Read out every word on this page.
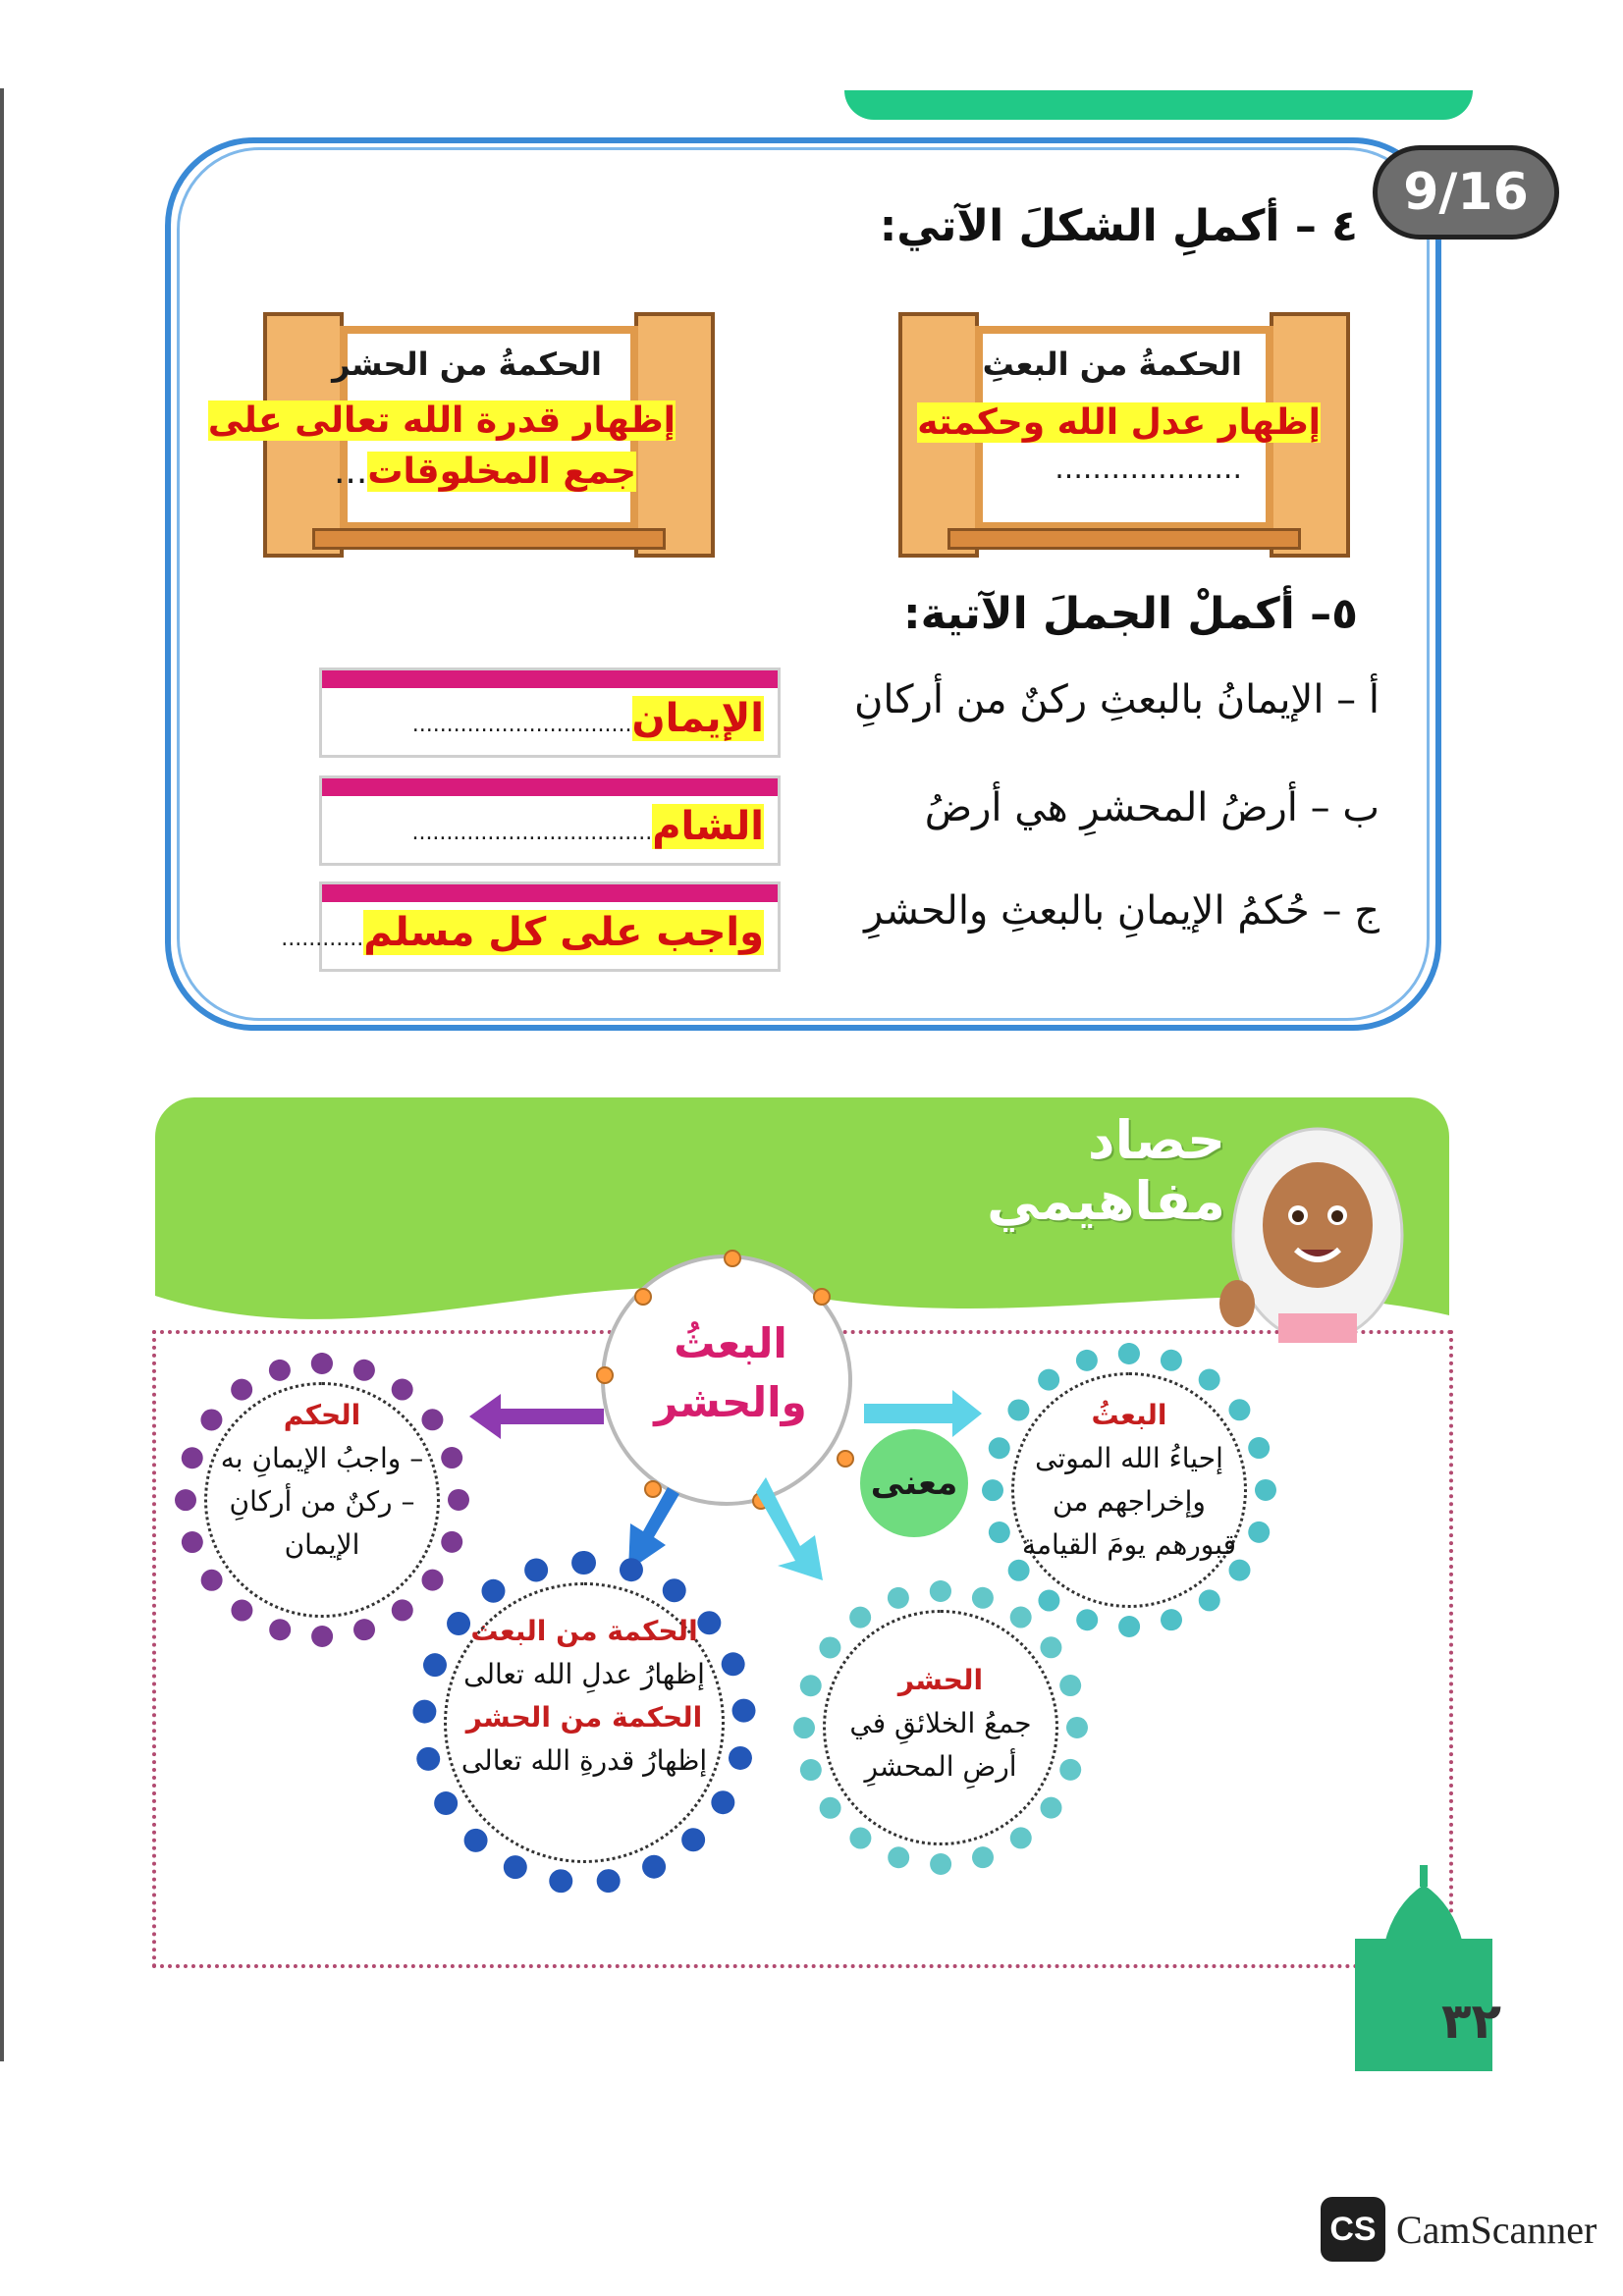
9/16
٤ – أكملِ الشكلَ الآتي:
الحكمةُ من البعثِ
إظهار عدل الله وحكمته
....................
الحكمةُ من الحشر
إظهار قدرة الله تعالى على
جمع المخلوقات...
٥– أكملْ الجملَ الآتية:
أ – الإيمانُ بالبعثِ ركنٌ من أركانِ
ب – أرضُ المحشرِ هي أرضُ
ج – حُكمُ الإيمانِ بالبعثِ والحشرِ
الإيمان................................
الشام...................................
واجب على كل مسلم............
حصاد
مفاهيمي
البعثُ
والحشر
معنى
البعثُ
إحياءُ الله الموتى
وإخراجهم من
قبورهم يومَ القيامة
الحشر
جمعُ الخلائقِ في
أرضِ المحشرِ
الحكمة من البعث
إظهارُ عدلِ الله تعالى
الحكمة من الحشر
إظهارُ قدرةِ الله تعالى
الحكم
– واجبُ الإيمانِ به
– ركنٌ من أركانِ
الإيمان
٣٢
CS CamScanner
